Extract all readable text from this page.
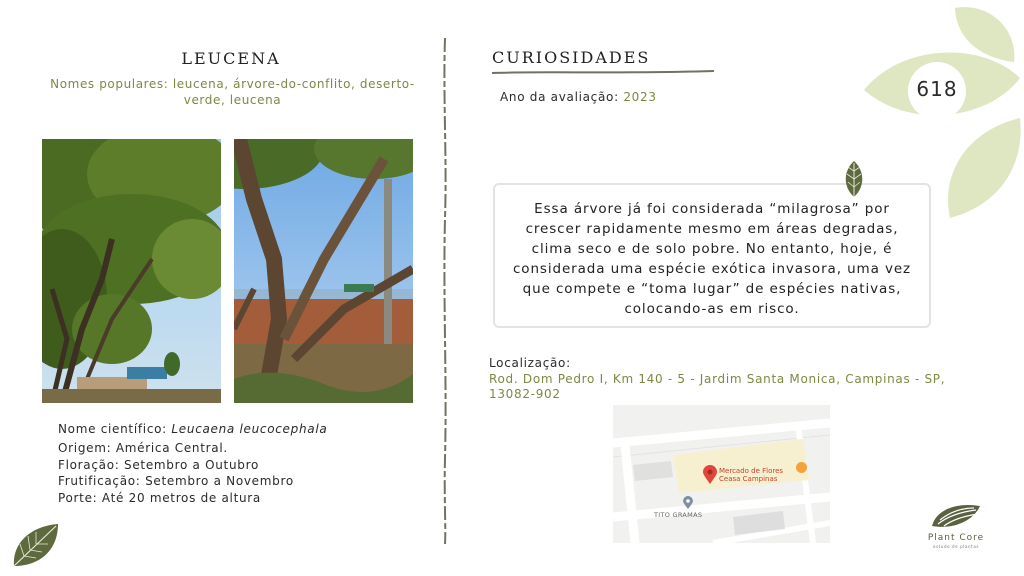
LEUCENA
Nomes populares: leucena, árvore-do-conflito, deserto-verde, leucena
Nome científico: Leucaena leucocephala
Origem: América Central.
Floração: Setembro a Outubro
Frutificação: Setembro a Novembro
Porte: Até 20 metros de altura
CURIOSIDADES
Ano da avaliação: 2023	618
Essa árvore já foi considerada “milagrosa” por crescer rapidamente mesmo em áreas degradas, clima seco e de solo pobre. No entanto, hoje, é considerada uma espécie exótica invasora, uma vez que compete e “toma lugar” de espécies nativas, colocando-as em risco.
Localização:
Rod. Dom Pedro I, Km 140 - 5 - Jardim Santa Monica, Campinas - SP, 13082-902
Mercado de Flores
Ceasa Campinas
TITO GRAMAS
Plant Core
estudo de plantas
